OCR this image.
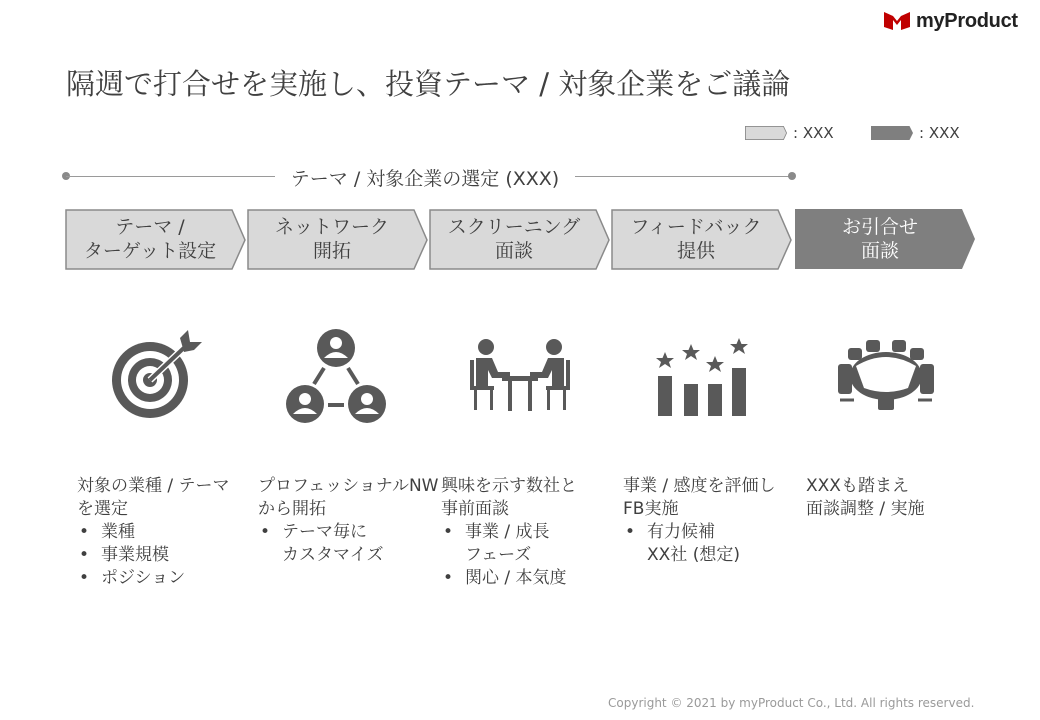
myProduct
隔週で打合せを実施し、投資テーマ / 対象企業をご議論
: XXX	: XXX
テーマ / 対象企業の選定 (XXX)
テーマ /
ターゲット設定
ネットワーク
開拓
スクリーニング
面談
フィードバック
提供
お引合せ
面談
対象の業種 / テーマ
を選定
• 業種
• 事業規模
• ポジション
プロフェッショナルNW
から開拓
• テーマ毎に
カスタマイズ
興味を示す数社と
事前面談
• 事業 / 成長
フェーズ
• 関心 / 本気度
事業 / 感度を評価し
FB実施
• 有力候補
XX社 (想定)
XXXも踏まえ
面談調整 / 実施
Copyright © 2021 by myProduct Co., Ltd. All rights reserved.
